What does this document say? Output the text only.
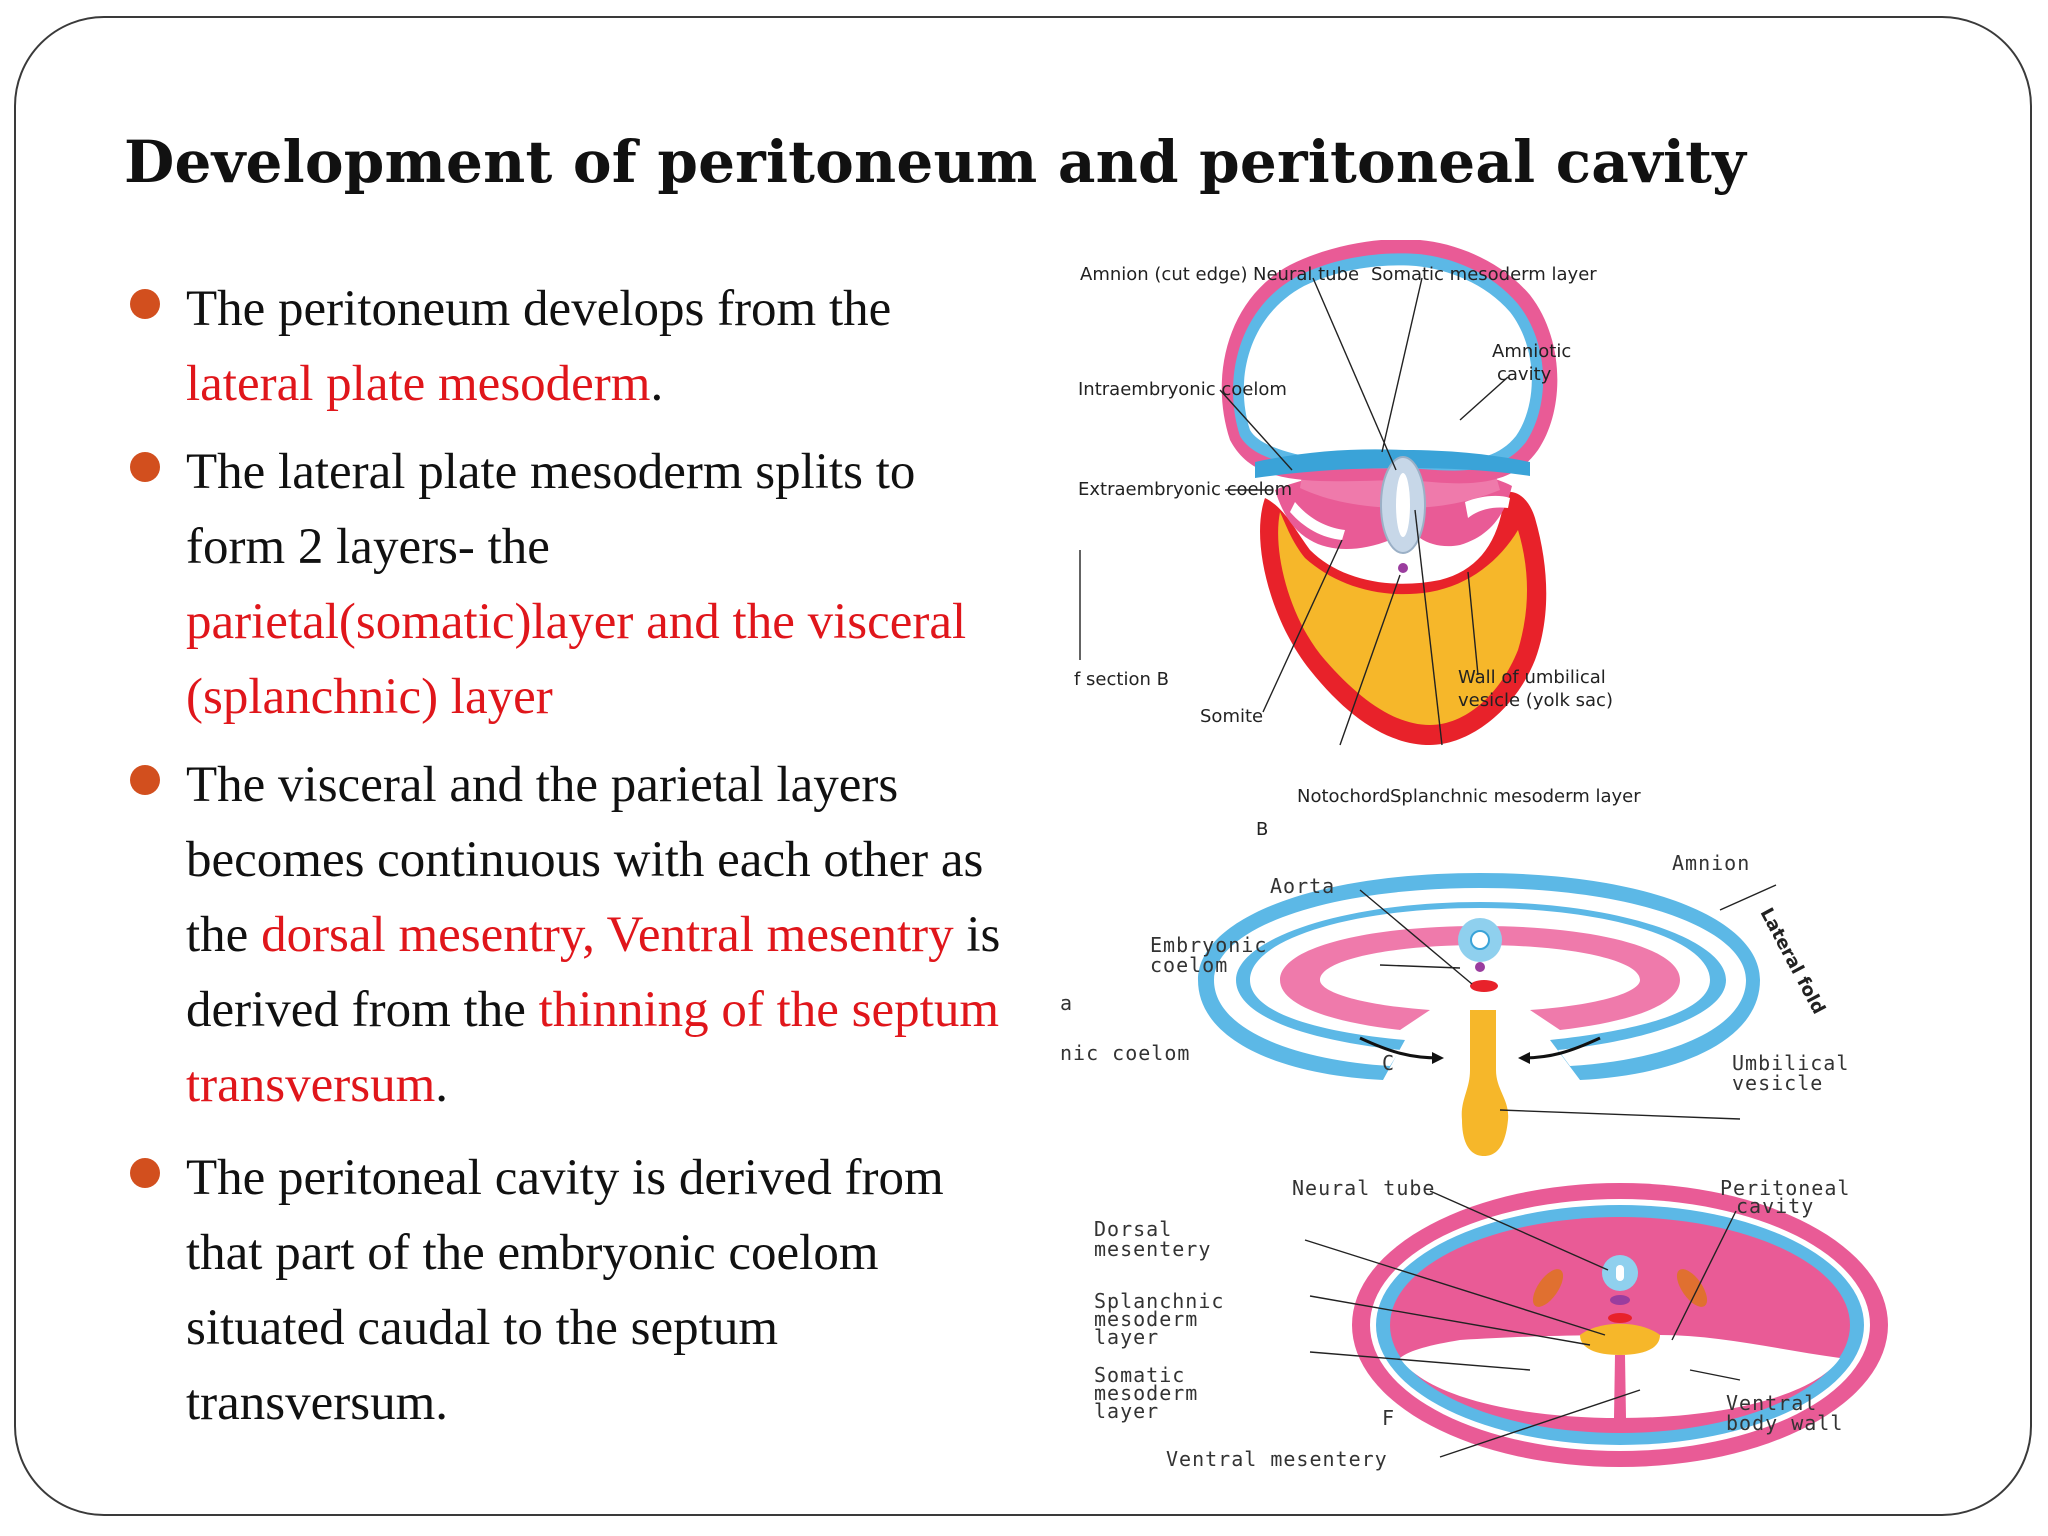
Development of peritoneum and peritoneal cavity
The peritoneum develops from the lateral plate mesoderm.
The lateral plate mesoderm splits to form 2 layers- the parietal(somatic)layer and the visceral (splanchnic) layer
The visceral and the parietal layers becomes continuous with each other as the dorsal mesentry, Ventral mesentry is derived from the thinning of the septum transversum.
The peritoneal cavity is derived from that part of the embryonic coelom situated caudal to the septum transversum.
Amnion (cut edge) Neural tube Somatic mesoderm layer
Amniotic
cavity
Intraembryonic coelom
Extraembryonic coelom
f section B	Wall of umbilical
vesicle (yolk sac)
Somite
Notochord Splanchnic mesoderm layer
B
Amnion
Aorta
Embryonic
coelom
a
nic coelom	C	Umbilical
vesicle
Lateral fold
Neural tube	Peritoneal
cavity
Dorsal
mesentery
Splanchnic
mesoderm
layer
Somatic
mesoderm
layer	F
Ventral
body wall
Ventral mesentery
